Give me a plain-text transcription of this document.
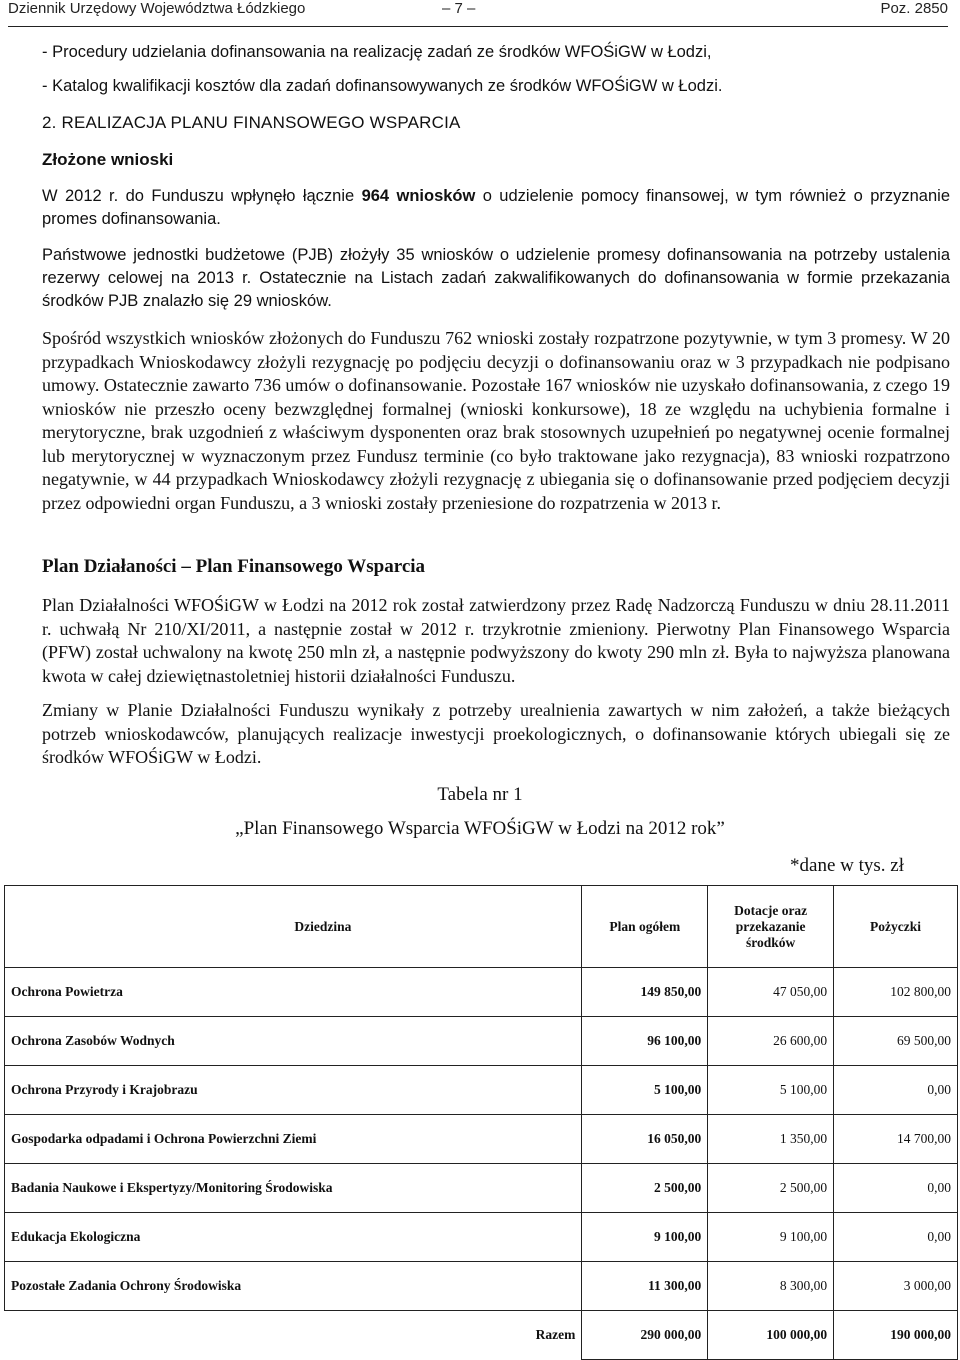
Dziennik Urzędowy Województwa Łódzkiego	– 7 –	Poz. 2850

- Procedury udzielania dofinansowania na realizację zadań ze środków WFOŚiGW w Łodzi,

- Katalog kwalifikacji kosztów dla zadań dofinansowywanych ze środków WFOŚiGW w Łodzi.

2. REALIZACJA PLANU FINANSOWEGO WSPARCIA

Złożone wnioski

W 2012 r. do Funduszu wpłynęło łącznie 964 wniosków o udzielenie pomocy finansowej, w tym również o przyznanie promes dofinansowania.

Państwowe jednostki budżetowe (PJB) złożyły 35 wniosków o udzielenie promesy dofinansowania na potrzeby ustalenia rezerwy celowej na 2013 r. Ostatecznie na Listach zadań zakwalifikowanych do dofinansowania w formie przekazania środków PJB znalazło się 29 wniosków.

Spośród wszystkich wniosków złożonych do Funduszu 762 wnioski zostały rozpatrzone pozytywnie, w tym 3 promesy. W 20 przypadkach Wnioskodawcy złożyli rezygnację po podjęciu decyzji o dofinansowaniu oraz w 3 przypadkach nie podpisano umowy. Ostatecznie zawarto 736 umów o dofinansowanie. Pozostałe 167 wniosków nie uzyskało dofinansowania, z czego 19 wniosków nie przeszło oceny bezwzględnej formalnej (wnioski konkursowe), 18 ze względu na uchybienia formalne i merytoryczne, brak uzgodnień z właściwym dysponenten oraz brak stosownych uzupełnień po negatywnej ocenie formalnej lub merytorycznej w wyznaczonym przez Fundusz terminie (co było traktowane jako rezygnacja), 83 wnioski rozpatrzono negatywnie, w 44 przypadkach Wnioskodawcy złożyli rezygnację z ubiegania się o dofinansowanie przed podjęciem decyzji przez odpowiedni organ Funduszu, a 3 wnioski zostały przeniesione do rozpatrzenia w 2013 r.

Plan Działaności – Plan Finansowego Wsparcia

Plan Działalności WFOŚiGW w Łodzi na 2012 rok został zatwierdzony przez Radę Nadzorczą Funduszu w dniu 28.11.2011 r. uchwałą Nr 210/XI/2011, a następnie został w 2012 r. trzykrotnie zmieniony. Pierwotny Plan Finansowego Wsparcia (PFW) został uchwalony na kwotę 250 mln zł, a następnie podwyższony do kwoty 290 mln zł. Była to najwyższa planowana kwota w całej dziewiętnastoletniej historii działalności Funduszu.

Zmiany w Planie Działalności Funduszu wynikały z potrzeby urealnienia zawartych w nim założeń, a także bieżących potrzeb wnioskodawców, planujących realizacje inwestycji proekologicznych, o dofinansowanie których ubiegali się ze środków WFOŚiGW w Łodzi.

Tabela nr 1
„Plan Finansowego Wsparcia WFOŚiGW w Łodzi na 2012 rok”
*dane w tys. zł
Dziedzina	Plan ogółem	Dotacje oraz przekazanie środków	Pożyczki
Ochrona Powietrza	149 850,00	47 050,00	102 800,00
Ochrona Zasobów Wodnych	96 100,00	26 600,00	69 500,00
Ochrona Przyrody i Krajobrazu	5 100,00	5 100,00	0,00
Gospodarka odpadami i Ochrona Powierzchni Ziemi	16 050,00	1 350,00	14 700,00
Badania Naukowe i Ekspertyzy/Monitoring Środowiska	2 500,00	2 500,00	0,00
Edukacja Ekologiczna	9 100,00	9 100,00	0,00
Pozostałe Zadania Ochrony Środowiska	11 300,00	8 300,00	3 000,00
Razem	290 000,00	100 000,00	190 000,00
